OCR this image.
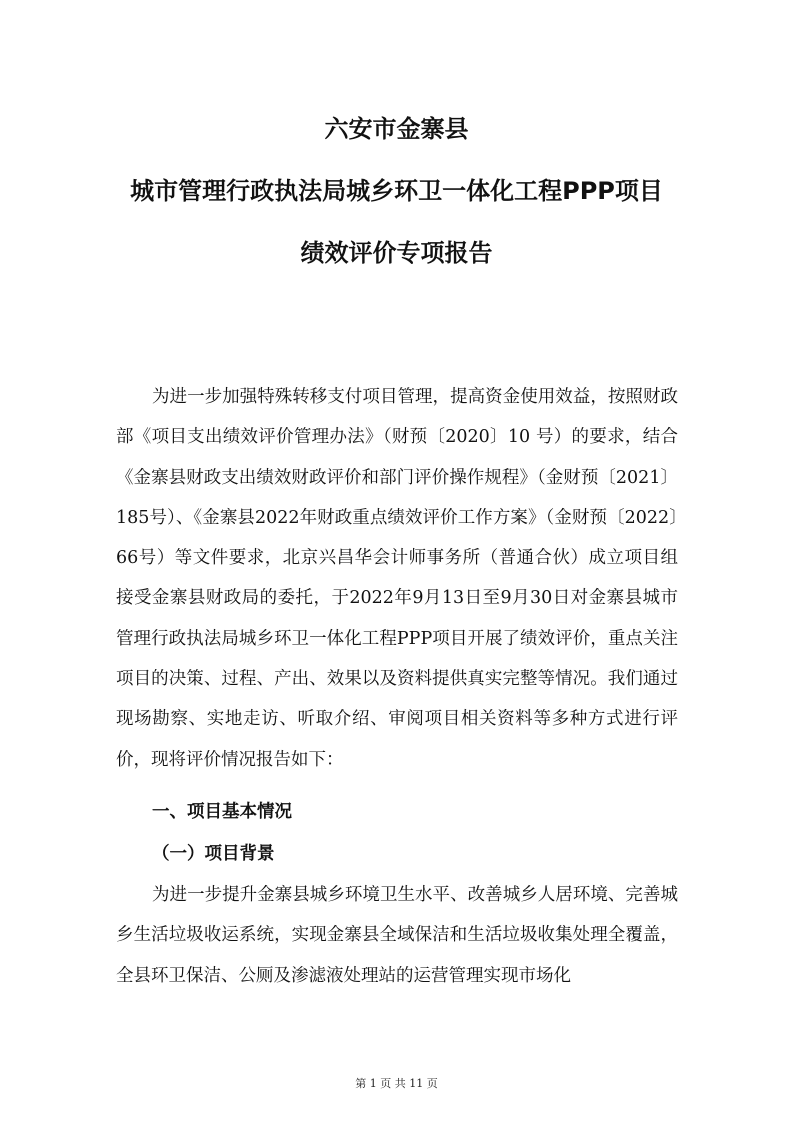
六安市金寨县
城市管理行政执法局城乡环卫一体化工程PPP项目
绩效评价专项报告

为进一步加强特殊转移支付项目管理，提高资金使用效益，按照财政部《项目支出绩效评价管理办法》（财预〔2020〕10 号）的要求，结合《金寨县财政支出绩效财政评价和部门评价操作规程》（金财预〔2021〕185号）、《金寨县2022年财政重点绩效评价工作方案》（金财预〔2022〕66号）等文件要求，北京兴昌华会计师事务所（普通合伙）成立项目组接受金寨县财政局的委托，于2022年9月13日至9月30日对金寨县城市管理行政执法局城乡环卫一体化工程PPP项目开展了绩效评价，重点关注项目的决策、过程、产出、效果以及资料提供真实完整等情况。我们通过现场勘察、实地走访、听取介绍、审阅项目相关资料等多种方式进行评价，现将评价情况报告如下：

一、项目基本情况
（一）项目背景

为进一步提升金寨县城乡环境卫生水平、改善城乡人居环境、完善城乡生活垃圾收运系统，实现金寨县全域保洁和生活垃圾收集处理全覆盖，全县环卫保洁、公厕及渗滤液处理站的运营管理实现市场化

第 1 页 共 11 页
